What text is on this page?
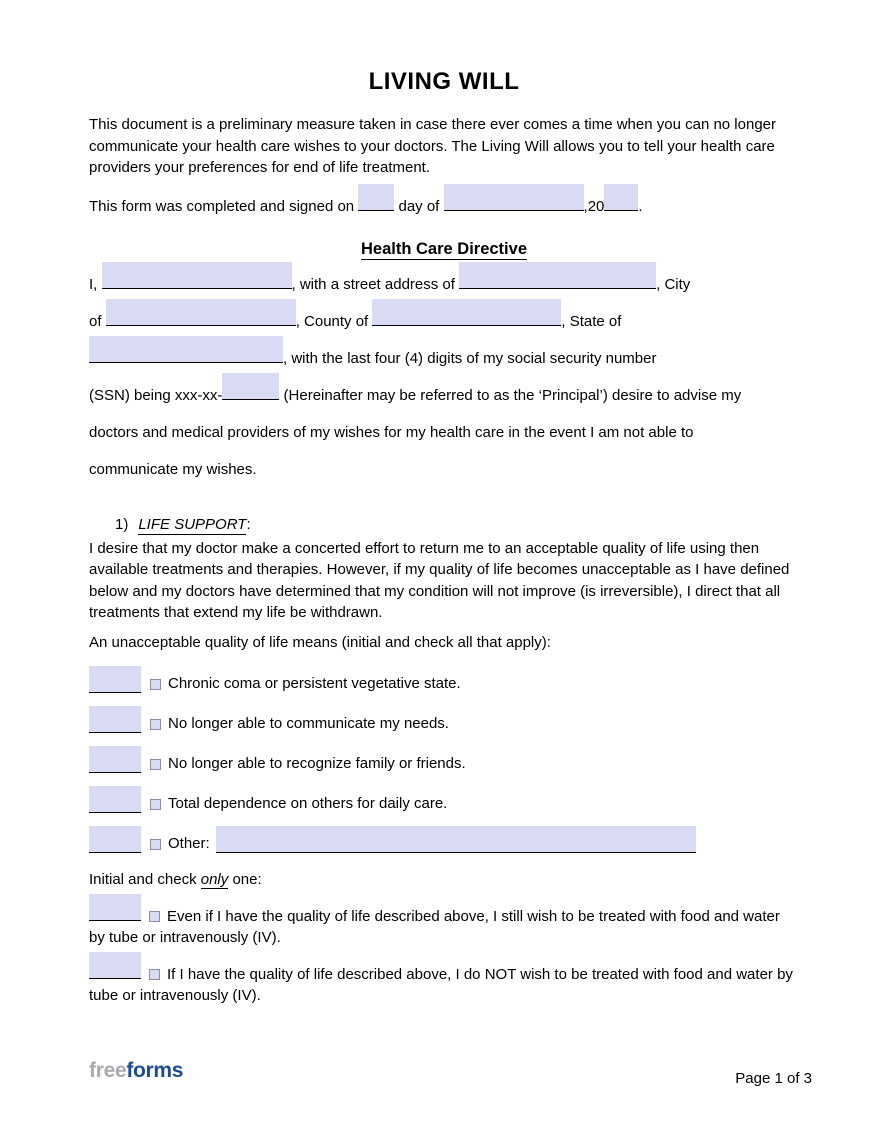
LIVING WILL

This document is a preliminary measure taken in case there ever comes a time when you can no longer communicate your health care wishes to your doctors. The Living Will allows you to tell your health care providers your preferences for end of life treatment.

This form was completed and signed on	day of	,20 .
Health Care Directive
I,	, with a street address of	, City
of	, County of	, State of
, with the last four (4) digits of my social security number
(SSN) being xxx-xx-	(Hereinafter may be referred to as the ‘Principal’) desire to advise my
doctors and medical providers of my wishes for my health care in the event I am not able to
communicate my wishes.
1) LIFE SUPPORT:

I desire that my doctor make a concerted effort to return me to an acceptable quality of life using then available treatments and therapies. However, if my quality of life becomes unacceptable as I have defined below and my doctors have determined that my condition will not improve (is irreversible), I direct that all treatments that extend my life be withdrawn.

An unacceptable quality of life means (initial and check all that apply):

Chronic coma or persistent vegetative state.
No longer able to communicate my needs.
No longer able to recognize family or friends.
Total dependence on others for daily care.
Other:

Initial and check only one:

Even if I have the quality of life described above, I still wish to be treated with food and water by tube or intravenously (IV).

If I have the quality of life described above, I do NOT wish to be treated with food and water by tube or intravenously (IV).

freeforms	Page 1 of 3
